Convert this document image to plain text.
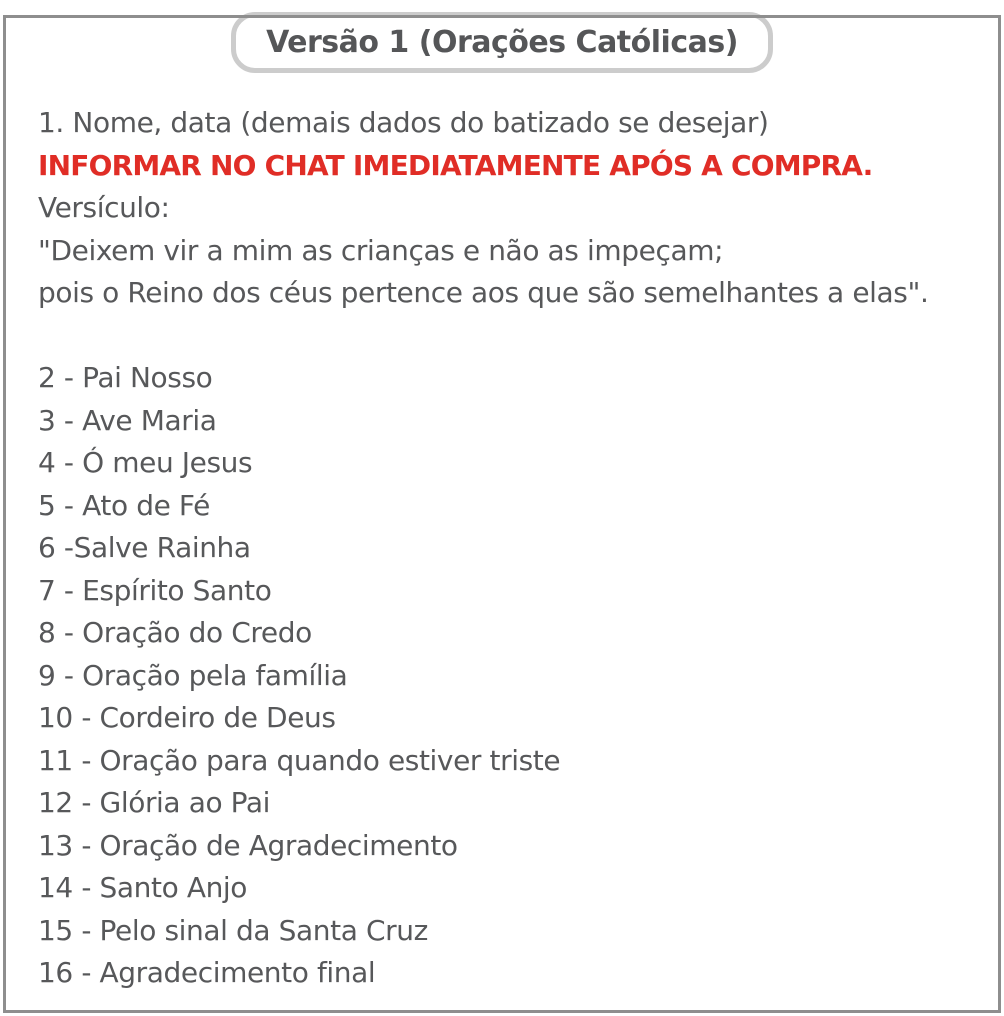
Versão 1 (Orações Católicas)
1. Nome, data (demais dados do batizado se desejar)
INFORMAR NO CHAT IMEDIATAMENTE APÓS A COMPRA.
Versículo:
"Deixem vir a mim as crianças e não as impeçam;
pois o Reino dos céus pertence aos que são semelhantes a elas".
2 - Pai Nosso
3 - Ave Maria
4 - Ó meu Jesus
5 - Ato de Fé
6 -Salve Rainha
7 - Espírito Santo
8 - Oração do Credo
9 - Oração pela família
10 - Cordeiro de Deus
11 - Oração para quando estiver triste
12 - Glória ao Pai
13 - Oração de Agradecimento
14 - Santo Anjo
15 - Pelo sinal da Santa Cruz
16 - Agradecimento final
